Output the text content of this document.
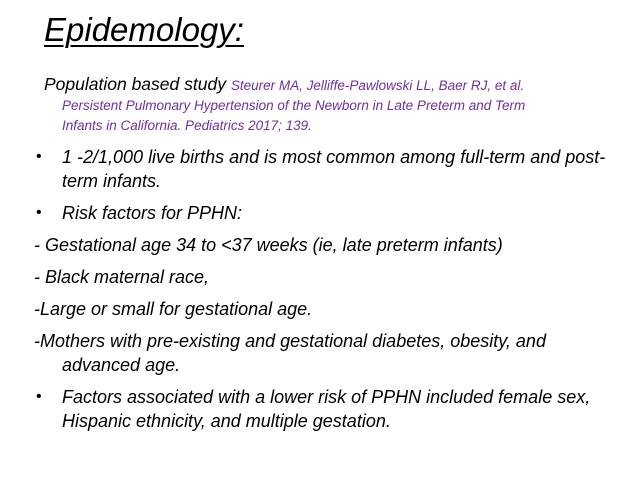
Epidemology:
Population based study Steurer MA, Jelliffe-Pawlowski LL, Baer RJ, et al.
Persistent Pulmonary Hypertension of the Newborn in Late Preterm and Term
Infants in California. Pediatrics 2017; 139.
• 1 -2/1,000 live births and is most common among full-term and post-term infants.
• Risk factors for PPHN:
- Gestational age 34 to <37 weeks (ie, late preterm infants)
- Black maternal race,
-Large or small for gestational age.
-Mothers with pre-existing and gestational diabetes, obesity, and advanced age.
• Factors associated with a lower risk of PPHN included female sex, Hispanic ethnicity, and multiple gestation.
